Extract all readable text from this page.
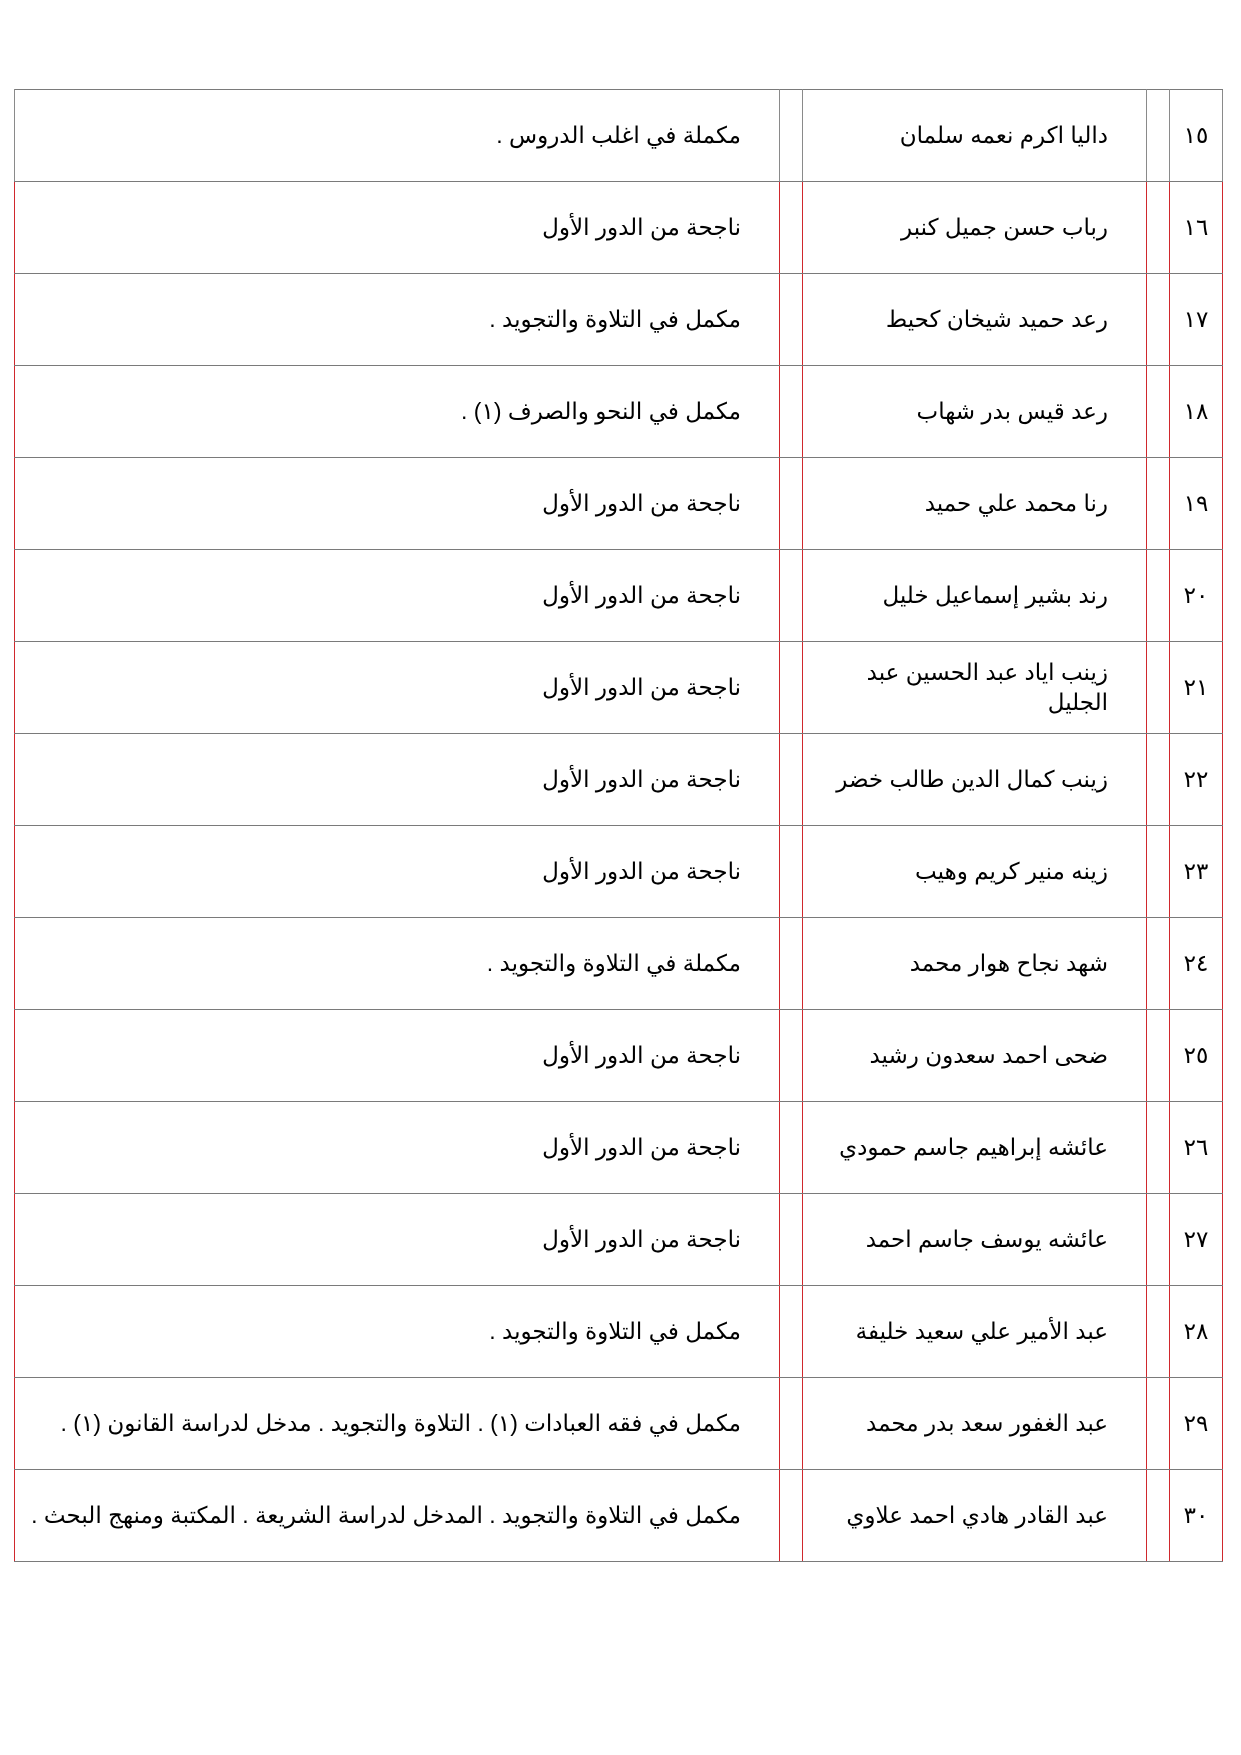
١٥		داليا اكرم نعمه سلمان		مكملة في اغلب الدروس .
١٦		رباب حسن جميل كنبر		ناجحة من الدور الأول
١٧		رعد حميد شيخان كحيط		مكمل في التلاوة والتجويد .
١٨		رعد قيس بدر شهاب		مكمل في النحو والصرف (١) .
١٩		رنا محمد علي حميد		ناجحة من الدور الأول
٢٠		رند بشير إسماعيل خليل		ناجحة من الدور الأول
٢١		زينب اياد عبد الحسين عبد الجليل		ناجحة من الدور الأول
٢٢		زينب كمال الدين طالب خضر		ناجحة من الدور الأول
٢٣		زينه منير كريم وهيب		ناجحة من الدور الأول
٢٤		شهد نجاح هوار محمد		مكملة في التلاوة والتجويد .
٢٥		ضحى احمد سعدون رشيد		ناجحة من الدور الأول
٢٦		عائشه إبراهيم جاسم حمودي		ناجحة من الدور الأول
٢٧		عائشه يوسف جاسم احمد		ناجحة من الدور الأول
٢٨		عبد الأمير علي سعيد خليفة		مكمل في التلاوة والتجويد .
٢٩		عبد الغفور سعد بدر محمد		مكمل في فقه العبادات (١) . التلاوة والتجويد . مدخل لدراسة القانون (١) .
٣٠		عبد القادر هادي احمد علاوي		مكمل في التلاوة والتجويد . المدخل لدراسة الشريعة . المكتبة ومنهج البحث .
